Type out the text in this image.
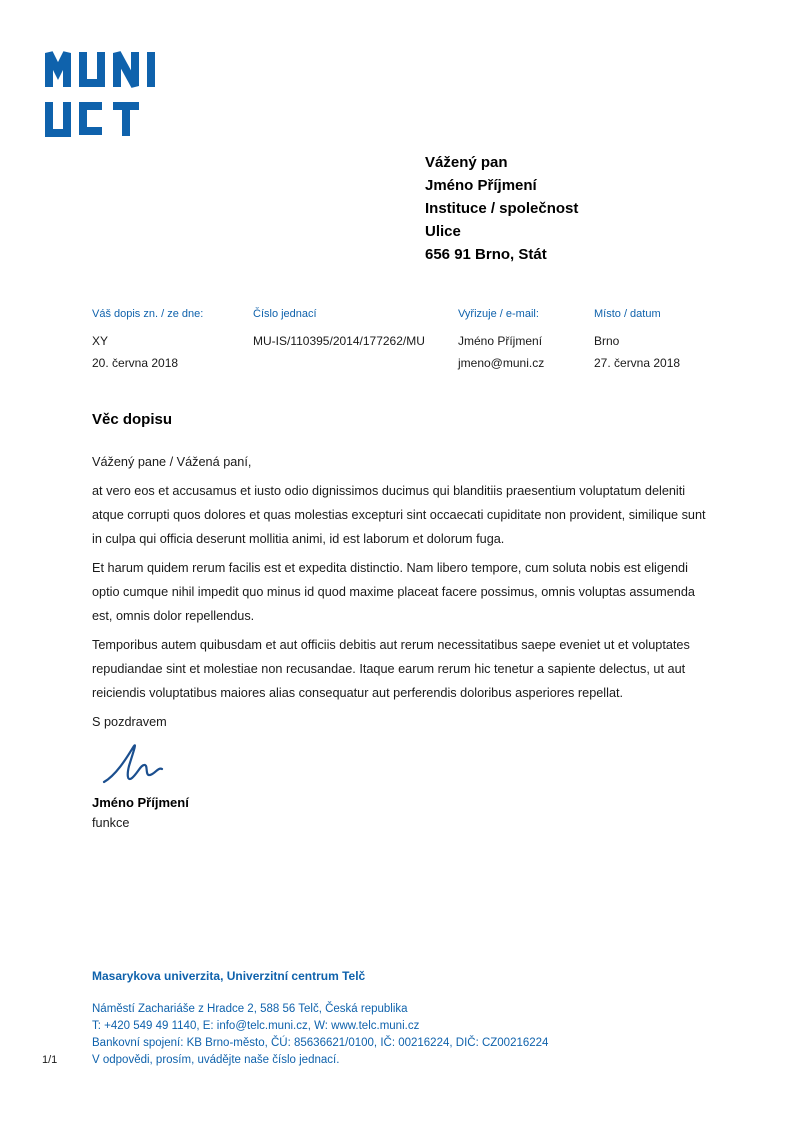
Vážený pan
Jméno Příjmení
Instituce / společnost
Ulice
656 91 Brno, Stát
Váš dopis zn. / ze dne:
XY
20. června 2018
Číslo jednací
MU-IS/110395/2014/177262/MU
Vyřizuje / e-mail:
Jméno Příjmení
jmeno@muni.cz
Místo / datum
Brno
27. června 2018
Věc dopisu

Vážený pane / Vážená paní,

at vero eos et accusamus et iusto odio dignissimos ducimus qui blanditiis praesentium voluptatum deleniti atque corrupti quos dolores et quas molestias excepturi sint occaecati cupiditate non provident, similique sunt in culpa qui officia deserunt mollitia animi, id est laborum et dolorum fuga.

Et harum quidem rerum facilis est et expedita distinctio. Nam libero tempore, cum soluta nobis est eligendi optio cumque nihil impedit quo minus id quod maxime placeat facere possimus, omnis voluptas assumenda est, omnis dolor repellendus.

Temporibus autem quibusdam et aut officiis debitis aut rerum necessitatibus saepe eveniet ut et voluptates repudiandae sint et molestiae non recusandae. Itaque earum rerum hic tenetur a sapiente delectus, ut aut reiciendis voluptatibus maiores alias consequatur aut perferendis doloribus asperiores repellat.

S pozdravem

Jméno Příjmení
funkce
Masarykova univerzita, Univerzitní centrum Telč
Náměstí Zachariáše z Hradce 2, 588 56 Telč, Česká republika
T: +420 549 49 1140, E: info@telc.muni.cz, W: www.telc.muni.cz
Bankovní spojení: KB Brno-město, ČÚ: 85636621/0100, IČ: 00216224, DIČ: CZ00216224
V odpovědi, prosím, uvádějte naše číslo jednací.
1/1
